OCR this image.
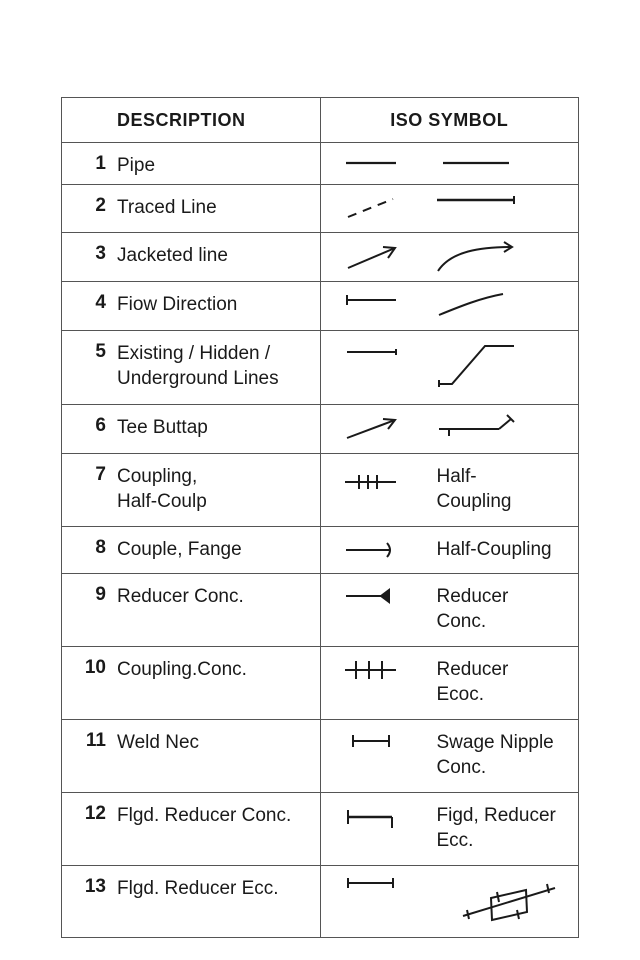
DESCRIPTION	ISO SYMBOL

1 Pipe

2 Traced Line

3 Jacketed line

4 Fiow Direction

5 Existing / Hidden / Underground Lines

6 Tee Buttap

7 Coupling, Half-Coulp	Half- Coupling

8 Couple, Fange	Half-Coupling

9 Reducer Conc.	Reducer Conc.

10 Coupling.Conc.	Reducer Ecoc.

11 Weld Nec	Swage Nipple Conc.

12 Flgd. Reducer Conc.	Figd, Reducer Ecc.

13 Flgd. Reducer Ecc.
